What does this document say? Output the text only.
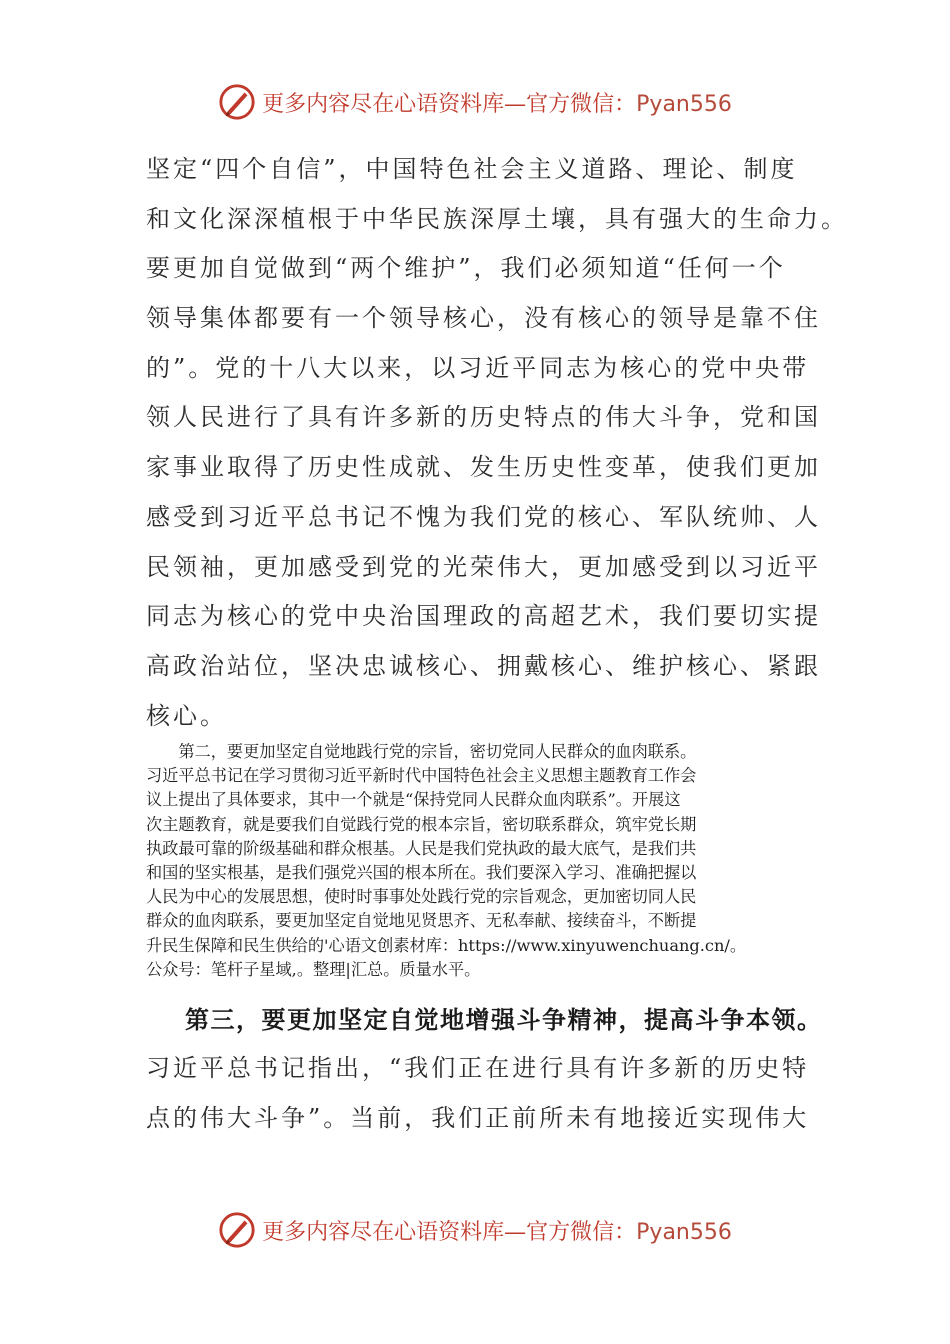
更多内容尽在心语资料库—官方微信：Pyan556
坚定“四个自信”，中国特色社会主义道路、理论、制度
和文化深深植根于中华民族深厚土壤，具有强大的生命力。
要更加自觉做到“两个维护”，我们必须知道“任何一个
领导集体都要有一个领导核心，没有核心的领导是靠不住
的”。党的十八大以来，以习近平同志为核心的党中央带
领人民进行了具有许多新的历史特点的伟大斗争，党和国
家事业取得了历史性成就、发生历史性变革，使我们更加
感受到习近平总书记不愧为我们党的核心、军队统帅、人
民领袖，更加感受到党的光荣伟大，更加感受到以习近平
同志为核心的党中央治国理政的高超艺术，我们要切实提
高政治站位，坚决忠诚核心、拥戴核心、维护核心、紧跟
核心。
　　第二，要更加坚定自觉地践行党的宗旨，密切党同人民群众的血肉联系。
习近平总书记在学习贯彻习近平新时代中国特色社会主义思想主题教育工作会
议上提出了具体要求，其中一个就是“保持党同人民群众血肉联系”。开展这
次主题教育，就是要我们自觉践行党的根本宗旨，密切联系群众，筑牢党长期
执政最可靠的阶级基础和群众根基。人民是我们党执政的最大底气，是我们共
和国的坚实根基，是我们强党兴国的根本所在。我们要深入学习、准确把握以
人民为中心的发展思想，使时时事事处处践行党的宗旨观念，更加密切同人民
群众的血肉联系，要更加坚定自觉地见贤思齐、无私奉献、接续奋斗，不断提
升民生保障和民生供给的'心语文创素材库：https://www.xinyuwenchuang.cn/。
公众号：笔杆子星域,。整理|汇总。质量水平。
第三，要更加坚定自觉地增强斗争精神，提高斗争本领。
习近平总书记指出，“我们正在进行具有许多新的历史特
点的伟大斗争”。当前，我们正前所未有地接近实现伟大
更多内容尽在心语资料库—官方微信：Pyan556
